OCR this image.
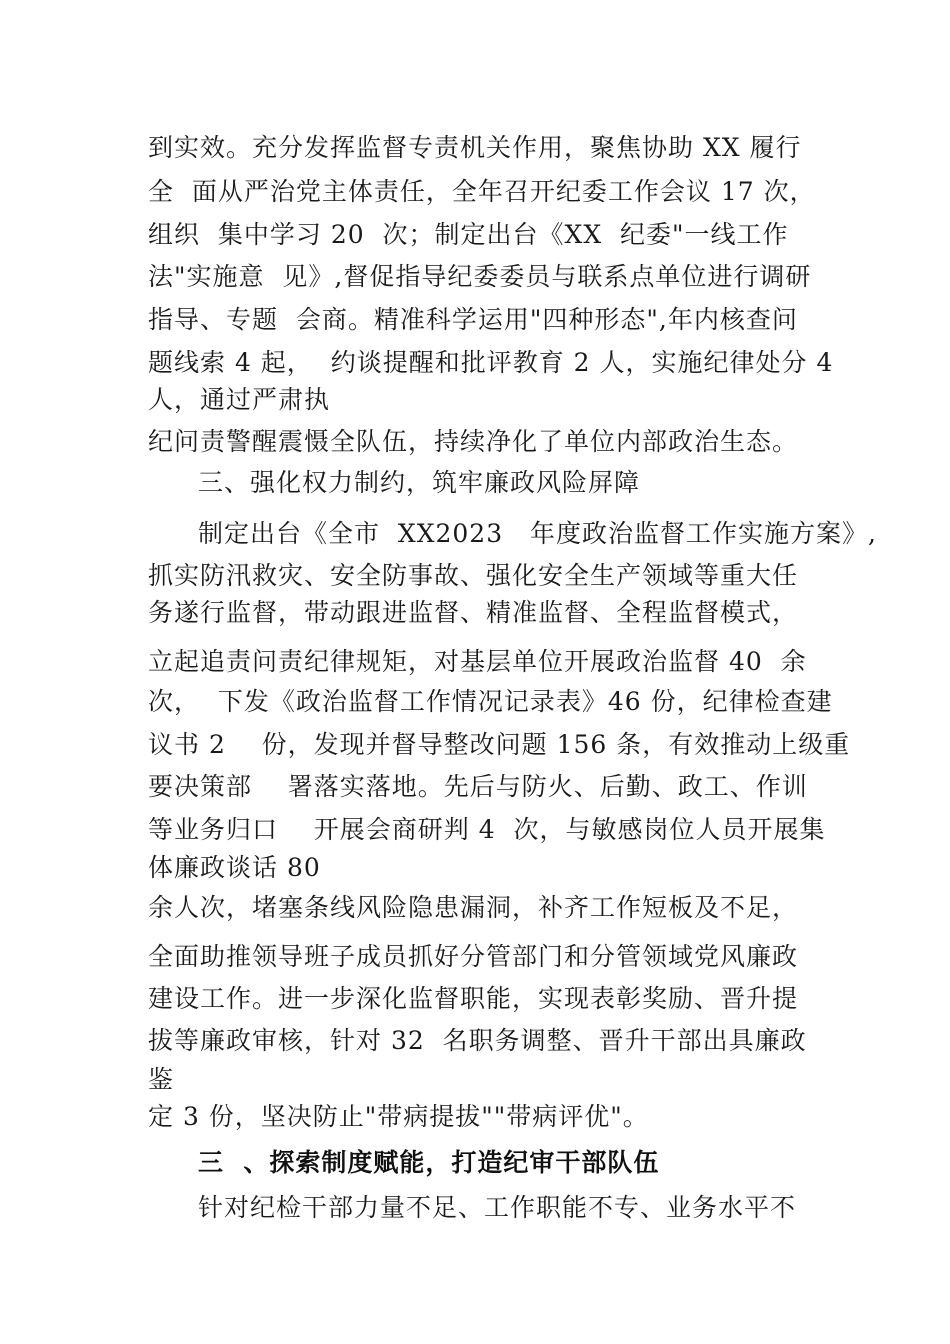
到实效。充分发挥监督专责机关作用，聚焦协助 XX 履行

全  面从严治党主体责任，全年召开纪委工作会议 17 次，

组织  集中学习 20  次；制定出台《XX  纪委"一线工作

法"实施意  见》,督促指导纪委委员与联系点单位进行调研

指导、专题  会商。精准科学运用"四种形态",年内核查问

题线索 4 起，  约谈提醒和批评教育 2 人，实施纪律处分 4

人，通过严肃执

纪问责警醒震慑全队伍，持续净化了单位内部政治生态。

三、强化权力制约，筑牢廉政风险屏障

制定出台《全市  XX2023   年度政治监督工作实施方案》,

抓实防汛救灾、安全防事故、强化安全生产领域等重大任

务遂行监督，带动跟进监督、精准监督、全程监督模式，

立起追责问责纪律规矩，对基层单位开展政治监督 40  余

次，  下发《政治监督工作情况记录表》46 份，纪律检查建

议书 2    份，发现并督导整改问题 156 条，有效推动上级重

要决策部    署落实落地。先后与防火、后勤、政工、作训

等业务归口    开展会商研判 4  次，与敏感岗位人员开展集

体廉政谈话 80

余人次，堵塞条线风险隐患漏洞，补齐工作短板及不足，

全面助推领导班子成员抓好分管部门和分管领域党风廉政

建设工作。进一步深化监督职能，实现表彰奖励、晋升提

拔等廉政审核，针对 32  名职务调整、晋升干部出具廉政

鉴

定 3 份，坚决防止"带病提拔""带病评优"。

三  、探索制度赋能，打造纪审干部队伍

针对纪检干部力量不足、工作职能不专、业务水平不
